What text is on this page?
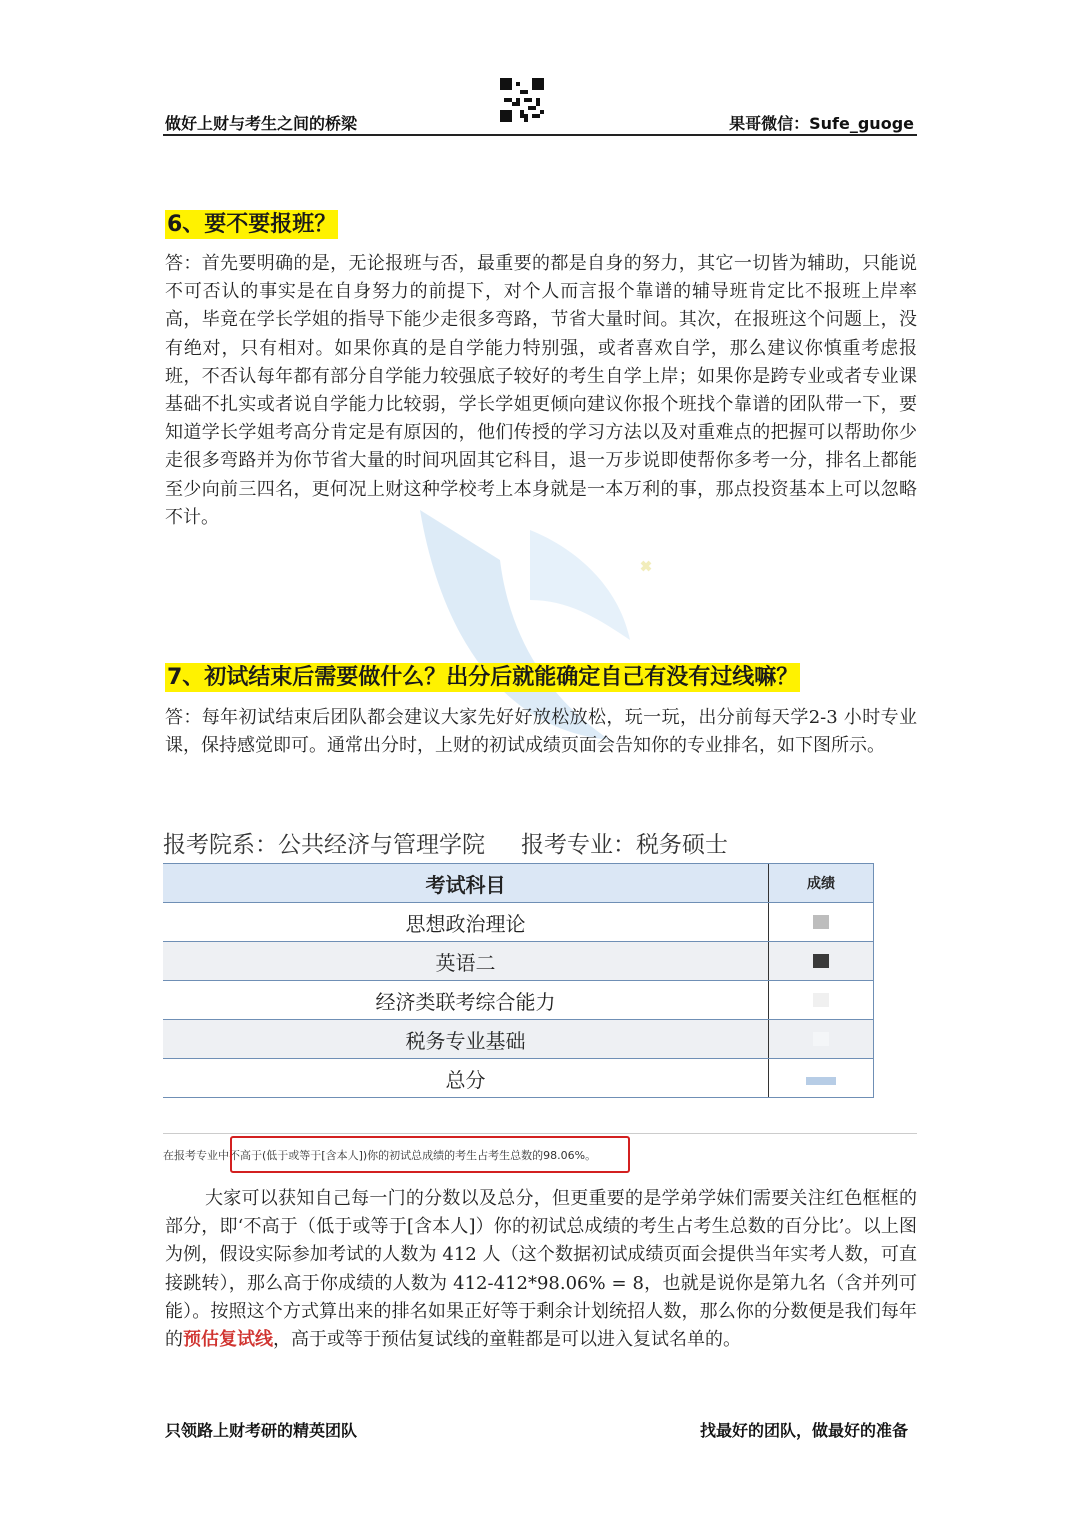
做好上财与考生之间的桥梁	果哥微信：Sufe_guoge
6、要不要报班？
答：首先要明确的是，无论报班与否，最重要的都是自身的努力，其它一切皆为辅助，只能说不可否认的事实是在自身努力的前提下，对个人而言报个靠谱的辅导班肯定比不报班上岸率高，毕竟在学长学姐的指导下能少走很多弯路，节省大量时间。其次，在报班这个问题上，没有绝对，只有相对。如果你真的是自学能力特别强，或者喜欢自学，那么建议你慎重考虑报班，不否认每年都有部分自学能力较强底子较好的考生自学上岸；如果你是跨专业或者专业课基础不扎实或者说自学能力比较弱，学长学姐更倾向建议你报个班找个靠谱的团队带一下，要知道学长学姐考高分肯定是有原因的，他们传授的学习方法以及对重难点的把握可以帮助你少走很多弯路并为你节省大量的时间巩固其它科目，退一万步说即使帮你多考一分，排名上都能至少向前三四名，更何况上财这种学校考上本身就是一本万利的事，那点投资基本上可以忽略不计。
7、初试结束后需要做什么？出分后就能确定自己有没有过线嘛？
答：每年初试结束后团队都会建议大家先好好放松放松，玩一玩，出分前每天学2-3 小时专业课，保持感觉即可。通常出分时，上财的初试成绩页面会告知你的专业排名，如下图所示。
报考院系：公共经济与管理学院 报考专业：税务硕士
考试科目	成绩
思想政治理论	
英语二	
经济类联考综合能力	
税务专业基础	
总分	
在报考专业中不高于(低于或等于[含本人])你的初试总成绩的考生占考生总数的98.06%。
大家可以获知自己每一门的分数以及总分，但更重要的是学弟学妹们需要关注红色框框的部分，即‘不高于（低于或等于[含本人]）你的初试总成绩的考生占考生总数的百分比’。以上图为例，假设实际参加考试的人数为 412 人（这个数据初试成绩页面会提供当年实考人数，可直接跳转），那么高于你成绩的人数为 412-412*98.06% = 8，也就是说你是第九名（含并列可能）。按照这个方式算出来的排名如果正好等于剩余计划统招人数，那么你的分数便是我们每年的预估复试线，高于或等于预估复试线的童鞋都是可以进入复试名单的。
只领路上财考研的精英团队	找最好的团队，做最好的准备
